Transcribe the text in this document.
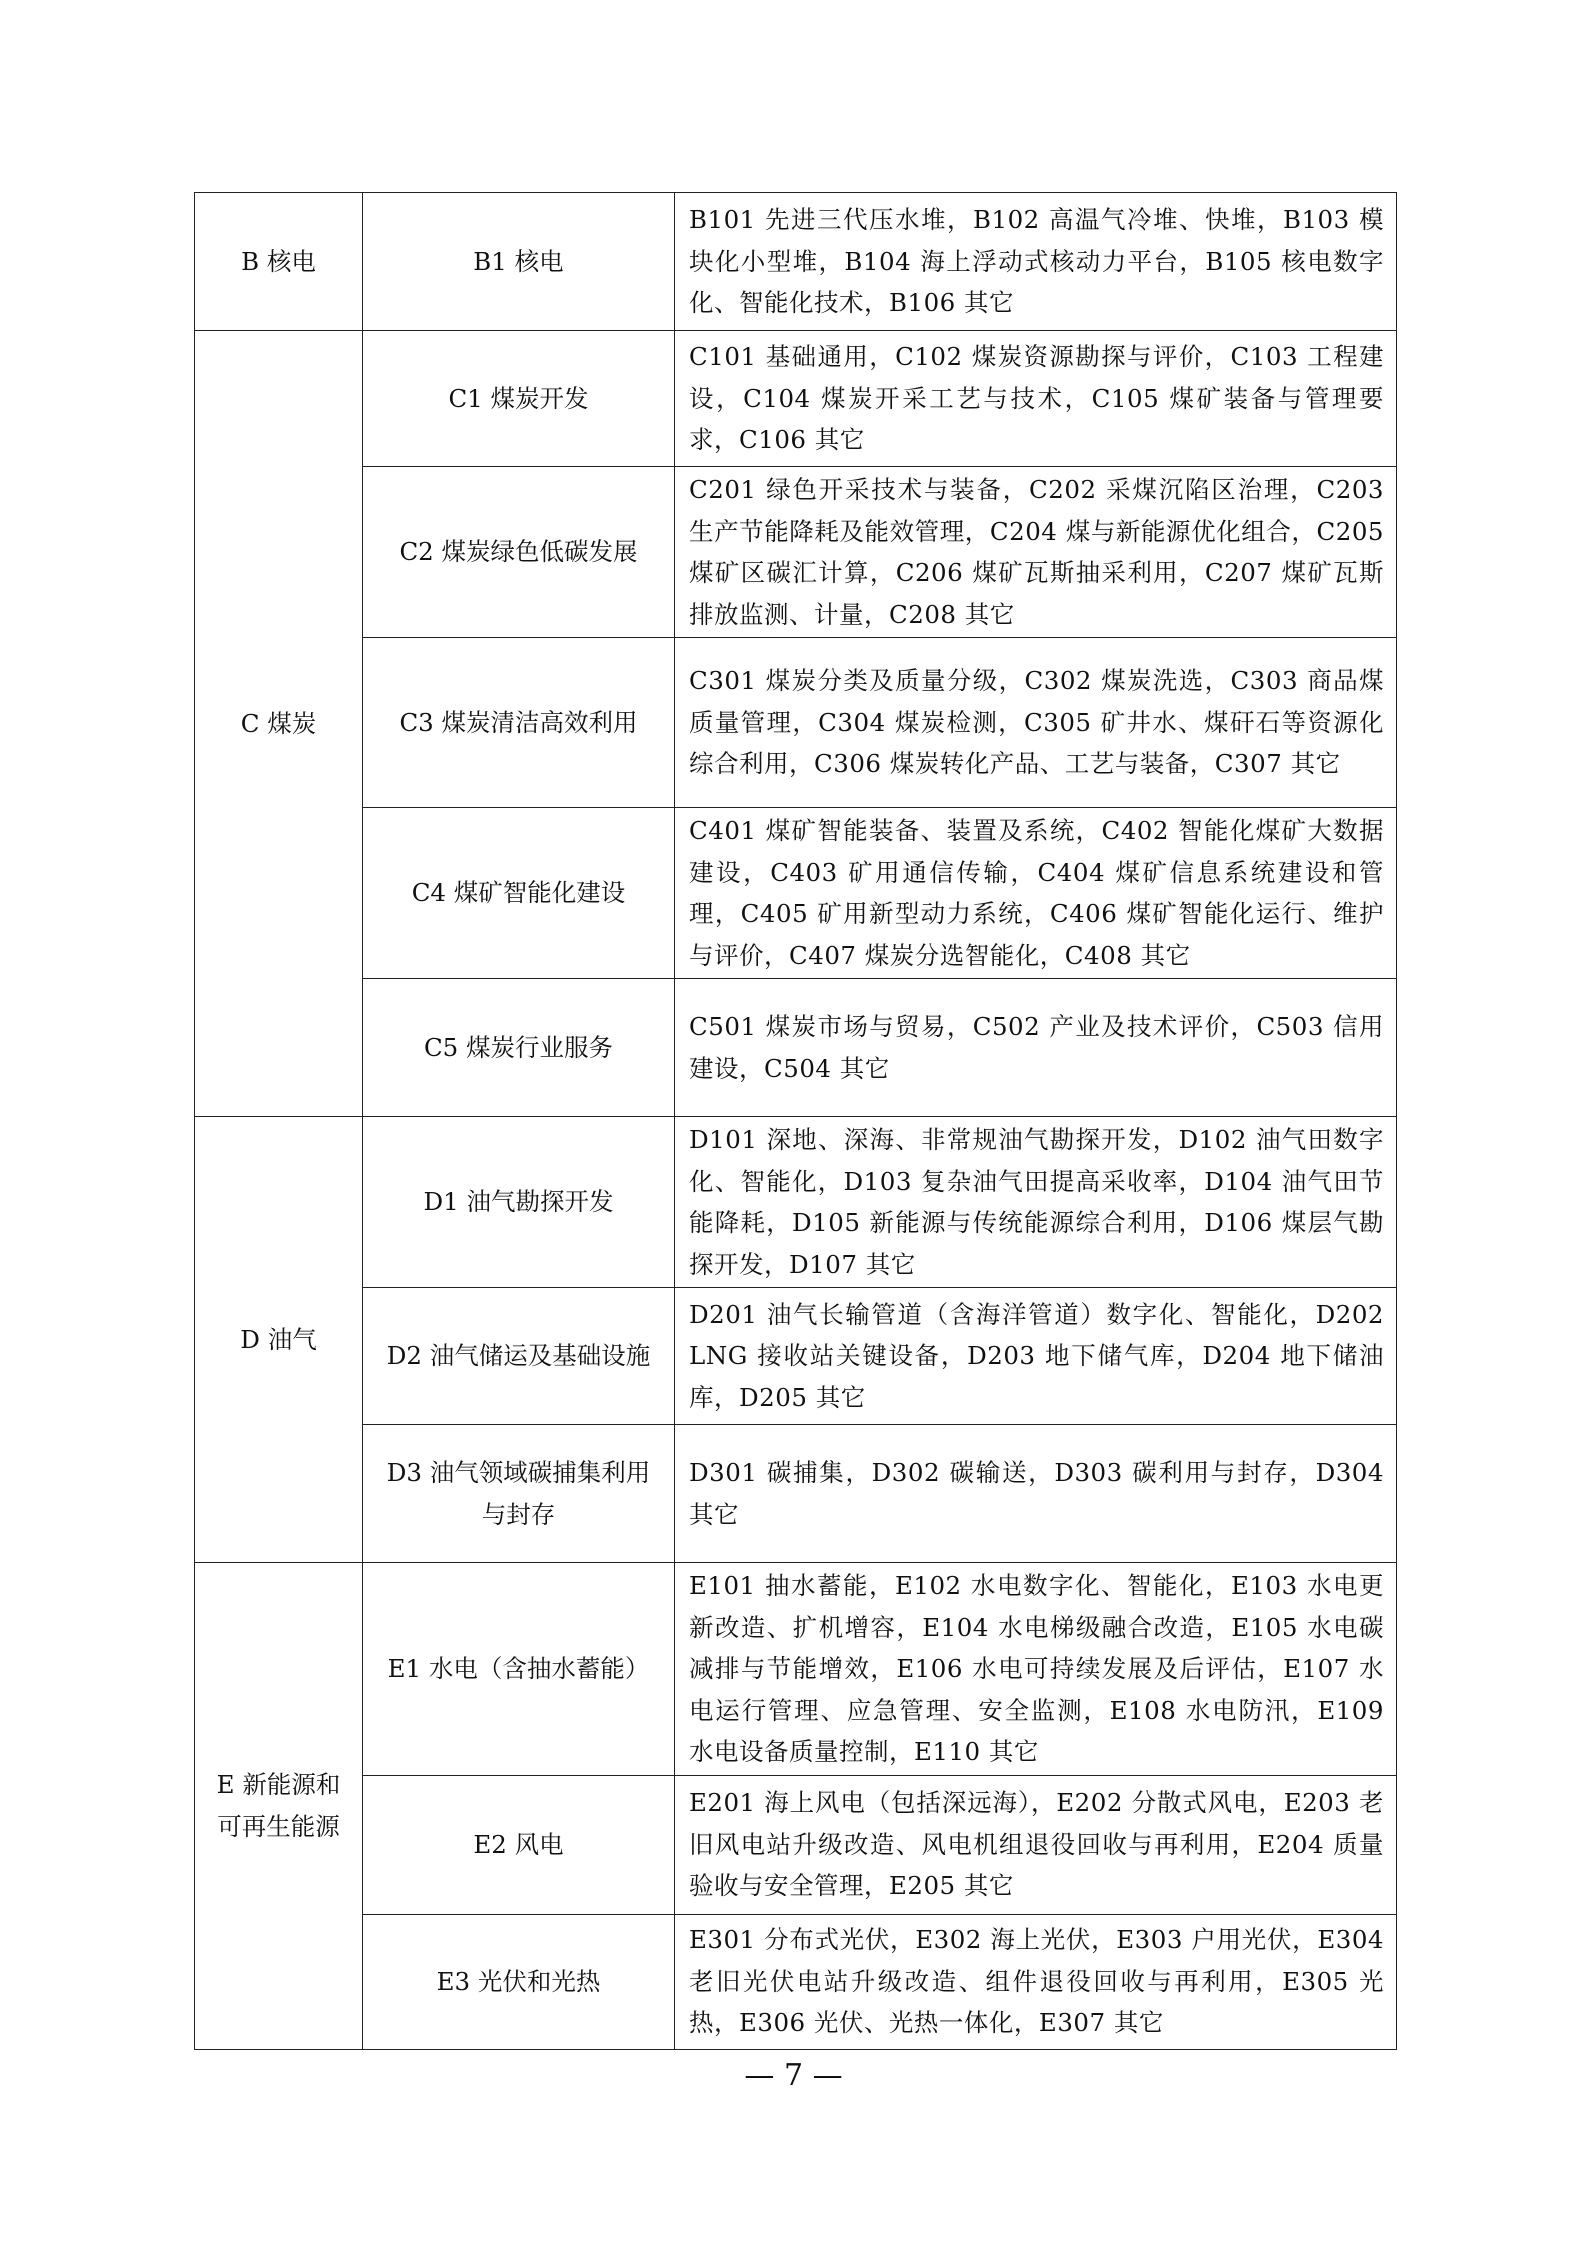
B 核电	B1 核电	B101 先进三代压水堆，B102 高温气冷堆、快堆，B103 模块化小型堆，B104 海上浮动式核动力平台，B105 核电数字化、智能化技术，B106 其它
C 煤炭	C1 煤炭开发	C101 基础通用，C102 煤炭资源勘探与评价，C103 工程建设，C104 煤炭开采工艺与技术，C105 煤矿装备与管理要求，C106 其它
	C2 煤炭绿色低碳发展	C201 绿色开采技术与装备，C202 采煤沉陷区治理，C203 生产节能降耗及能效管理，C204 煤与新能源优化组合，C205 煤矿区碳汇计算，C206 煤矿瓦斯抽采利用，C207 煤矿瓦斯排放监测、计量，C208 其它
	C3 煤炭清洁高效利用	C301 煤炭分类及质量分级，C302 煤炭洗选，C303 商品煤质量管理，C304 煤炭检测，C305 矿井水、煤矸石等资源化综合利用，C306 煤炭转化产品、工艺与装备，C307 其它
	C4 煤矿智能化建设	C401 煤矿智能装备、装置及系统，C402 智能化煤矿大数据建设，C403 矿用通信传输，C404 煤矿信息系统建设和管理，C405 矿用新型动力系统，C406 煤矿智能化运行、维护与评价，C407 煤炭分选智能化，C408 其它
	C5 煤炭行业服务	C501 煤炭市场与贸易，C502 产业及技术评价，C503 信用建设，C504 其它
D 油气	D1 油气勘探开发	D101 深地、深海、非常规油气勘探开发，D102 油气田数字化、智能化，D103 复杂油气田提高采收率，D104 油气田节能降耗，D105 新能源与传统能源综合利用，D106 煤层气勘探开发，D107 其它
	D2 油气储运及基础设施	D201 油气长输管道（含海洋管道）数字化、智能化，D202 LNG 接收站关键设备，D203 地下储气库，D204 地下储油库，D205 其它
	D3 油气领域碳捕集利用与封存	D301 碳捕集，D302 碳输送，D303 碳利用与封存，D304 其它
E 新能源和可再生能源	E1 水电（含抽水蓄能）	E101 抽水蓄能，E102 水电数字化、智能化，E103 水电更新改造、扩机增容，E104 水电梯级融合改造，E105 水电碳减排与节能增效，E106 水电可持续发展及后评估，E107 水电运行管理、应急管理、安全监测，E108 水电防汛，E109 水电设备质量控制，E110 其它
	E2 风电	E201 海上风电（包括深远海），E202 分散式风电，E203 老旧风电站升级改造、风电机组退役回收与再利用，E204 质量验收与安全管理，E205 其它
	E3 光伏和光热	E301 分布式光伏，E302 海上光伏，E303 户用光伏，E304 老旧光伏电站升级改造、组件退役回收与再利用，E305 光热，E306 光伏、光热一体化，E307 其它
— 7 —
